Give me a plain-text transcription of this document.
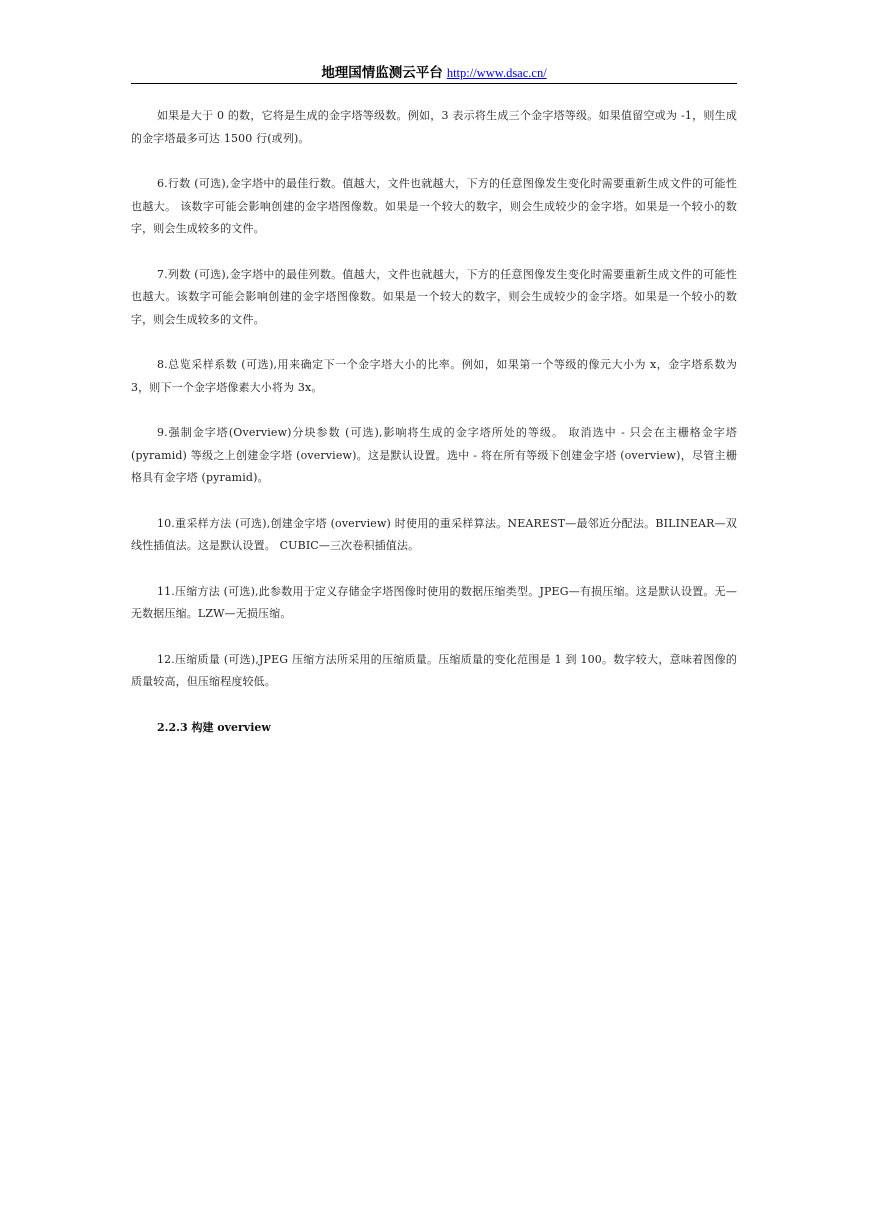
地理国情监测云平台 http://www.dsac.cn/

如果是大于 0 的数，它将是生成的金字塔等级数。例如，3 表示将生成三个金字塔等级。如果值留空或为 -1，则生成的金字塔最多可达 1500 行(或列)。

6.行数 (可选),金字塔中的最佳行数。值越大，文件也就越大，下方的任意图像发生变化时需要重新生成文件的可能性也越大。 该数字可能会影响创建的金字塔图像数。如果是一个较大的数字，则会生成较少的金字塔。如果是一个较小的数字，则会生成较多的文件。

7.列数 (可选),金字塔中的最佳列数。值越大，文件也就越大，下方的任意图像发生变化时需要重新生成文件的可能性也越大。该数字可能会影响创建的金字塔图像数。如果是一个较大的数字，则会生成较少的金字塔。如果是一个较小的数字，则会生成较多的文件。

8.总览采样系数 (可选),用来确定下一个金字塔大小的比率。例如，如果第一个等级的像元大小为 x，金字塔系数为 3，则下一个金字塔像素大小将为 3x。

9.强制金字塔(Overview)分块参数 (可选),影响将生成的金字塔所处的等级。 取消选中 - 只会在主栅格金字塔 (pyramid) 等级之上创建金字塔 (overview)。这是默认设置。选中 - 将在所有等级下创建金字塔 (overview)，尽管主栅格具有金字塔 (pyramid)。

10.重采样方法 (可选),创建金字塔 (overview) 时使用的重采样算法。NEAREST—最邻近分配法。BILINEAR—双线性插值法。这是默认设置。 CUBIC—三次卷积插值法。

11.压缩方法 (可选),此参数用于定义存储金字塔图像时使用的数据压缩类型。JPEG—有损压缩。这是默认设置。无—无数据压缩。LZW—无损压缩。

12.压缩质量 (可选),JPEG 压缩方法所采用的压缩质量。压缩质量的变化范围是 1 到 100。数字较大，意味着图像的质量较高，但压缩程度较低。

2.2.3 构建 overview
